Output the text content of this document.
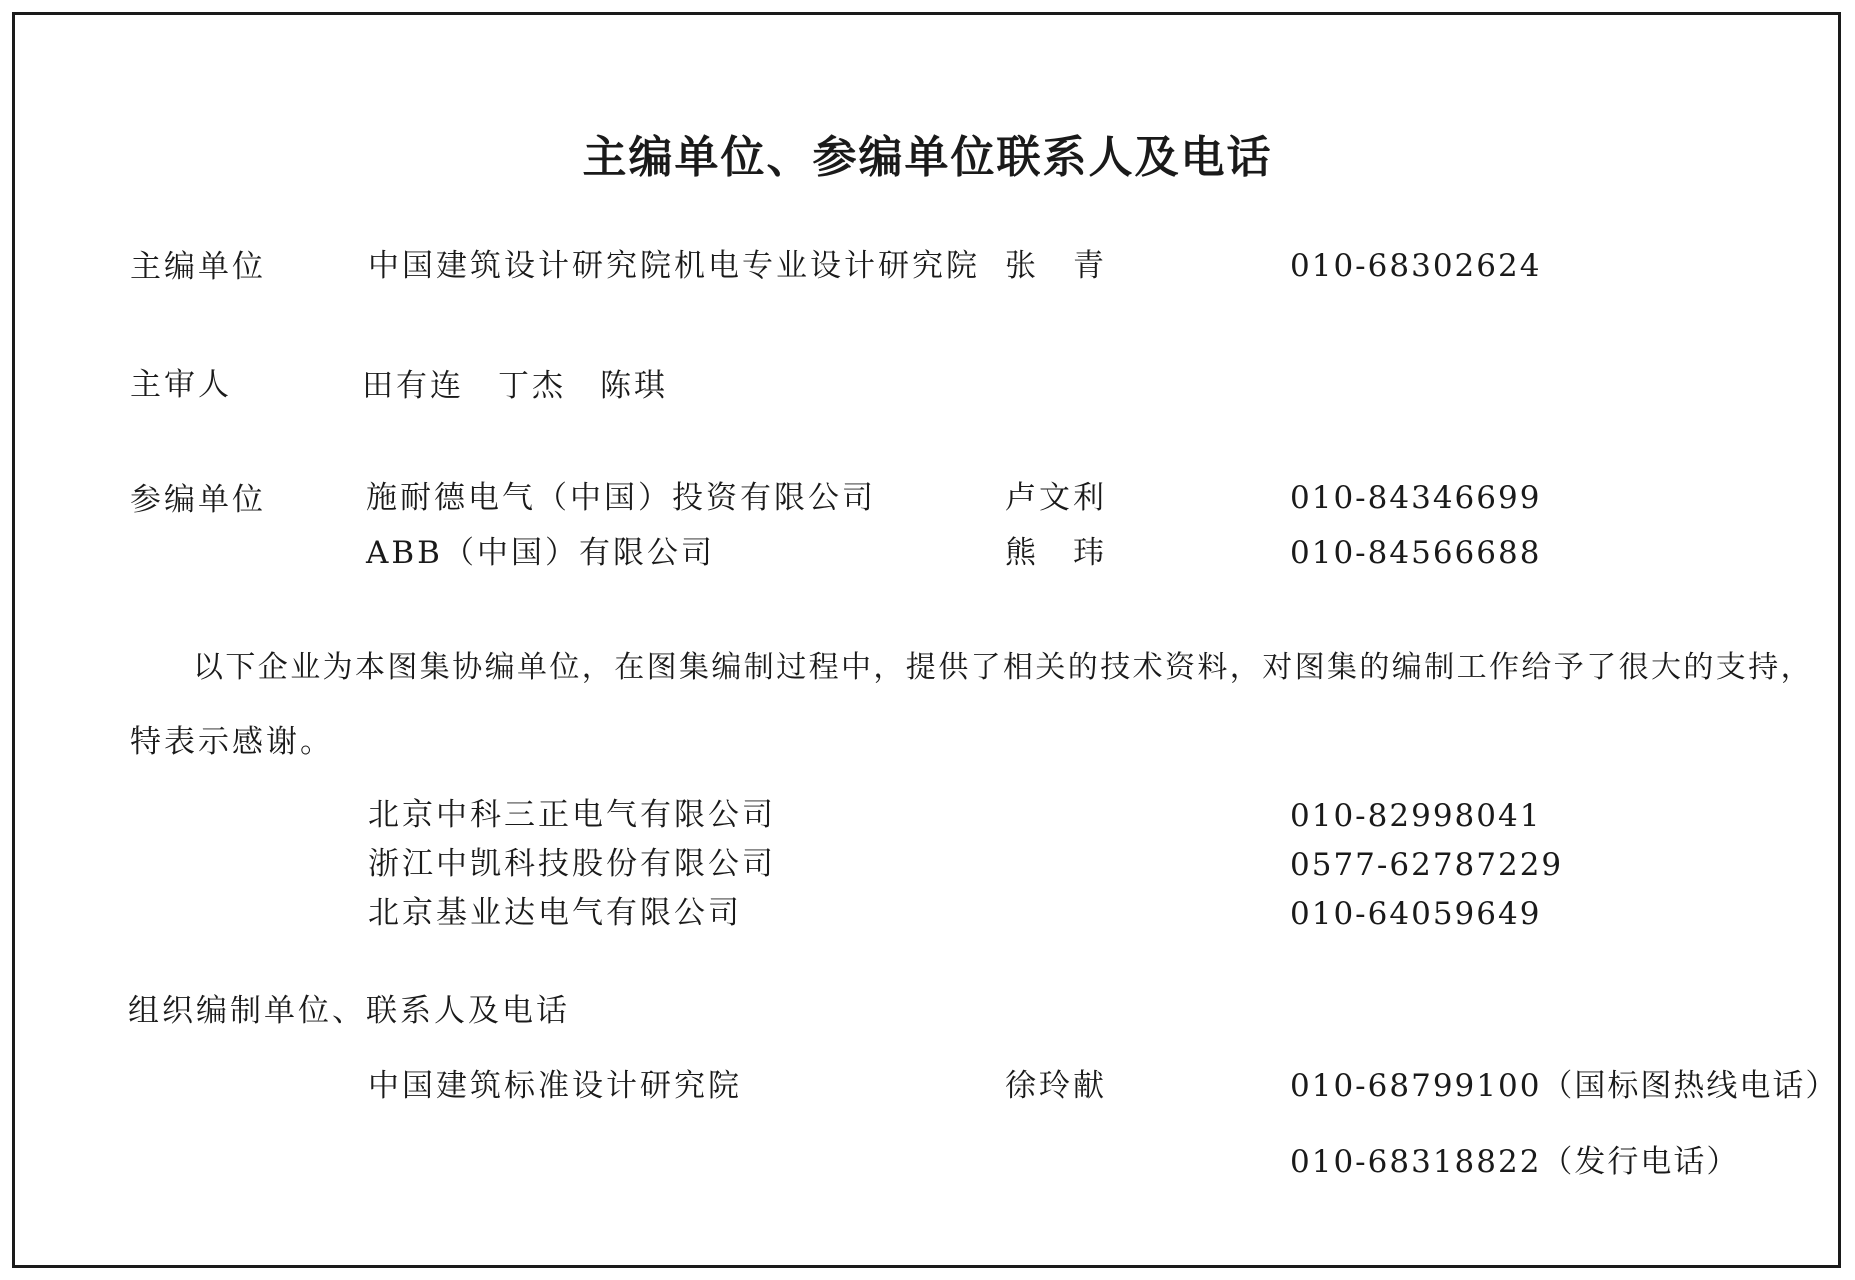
主编单位、参编单位联系人及电话
主编单位	中国建筑设计研究院机电专业设计研究院 张　青	010-68302624
主审人	田有连　丁杰　陈琪
参编单位	施耐德电气（中国）投资有限公司	卢文利	010-84346699
ABB（中国）有限公司	熊　玮	010-84566688
以下企业为本图集协编单位，在图集编制过程中，提供了相关的技术资料，对图集的编制工作给予了很大的支持，
特表示感谢。
北京中科三正电气有限公司	010-82998041
浙江中凯科技股份有限公司	0577-62787229
北京基业达电气有限公司	010-64059649
组织编制单位、联系人及电话
中国建筑标准设计研究院	徐玲献	010-68799100（国标图热线电话）
010-68318822（发行电话）
